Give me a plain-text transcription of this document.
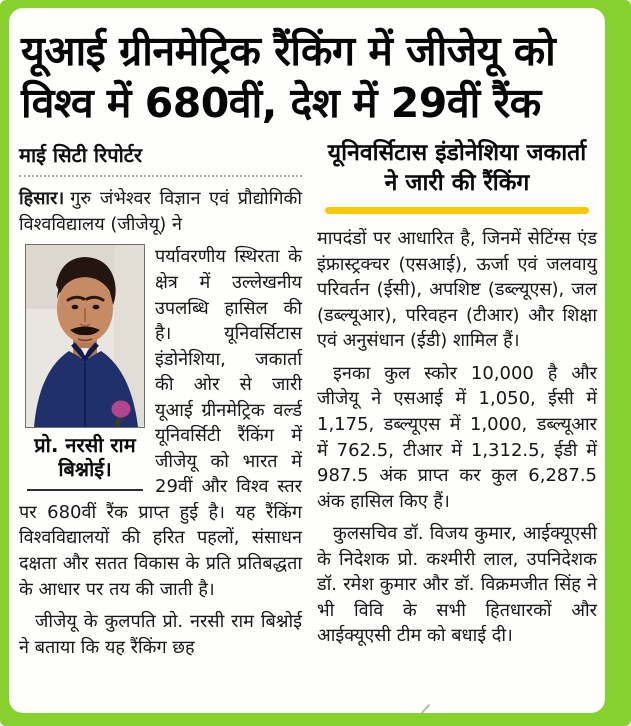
यूआई ग्रीनमेट्रिक रैंकिंग में जीजेयू को विश्व में 680वीं, देश में 29वीं रैंक
माई सिटी रिपोर्टर

हिसार। गुरु जंभेश्वर विज्ञान एवं प्रौद्योगिकी विश्वविद्यालय (जीजेयू) ने

प्रो. नरसी राम बिश्नोई।

पर्यावरणीय स्थिरता के क्षेत्र में उल्लेखनीय उपलब्धि हासिल की है। यूनिवर्सिटास इंडोनेशिया, जकार्ता की ओर से जारी यूआई ग्रीनमेट्रिक वर्ल्ड यूनिवर्सिटी रैंकिंग में जीजेयू को भारत में 29वीं और विश्व स्तर पर 680वीं रैंक प्राप्त हुई है। यह रैंकिंग विश्वविद्यालयों की हरित पहलों, संसाधन दक्षता और सतत विकास के प्रति प्रतिबद्धता के आधार पर तय की जाती है।

जीजेयू के कुलपति प्रो. नरसी राम बिश्नोई ने बताया कि यह रैंकिंग छह

यूनिवर्सिटास इंडोनेशिया जकार्ता ने जारी की रैंकिंग

मापदंडों पर आधारित है, जिनमें सेटिंग्स एंड इंफ्रास्ट्रक्चर (एसआई), ऊर्जा एवं जलवायु परिवर्तन (ईसी), अपशिष्ट (डब्ल्यूएस), जल (डब्ल्यूआर), परिवहन (टीआर) और शिक्षा एवं अनुसंधान (ईडी) शामिल हैं।

इनका कुल स्कोर 10,000 है और जीजेयू ने एसआई में 1,050, ईसी में 1,175, डब्ल्यूएस में 1,000, डब्ल्यूआर में 762.5, टीआर में 1,312.5, ईडी में 987.5 अंक प्राप्त कर कुल 6,287.5 अंक हासिल किए हैं।

कुलसचिव डॉ. विजय कुमार, आईक्यूएसी के निदेशक प्रो. कश्मीरी लाल, उपनिदेशक डॉ. रमेश कुमार और डॉ. विक्रमजीत सिंह ने भी विवि के सभी हितधारकों और आईक्यूएसी टीम को बधाई दी।
